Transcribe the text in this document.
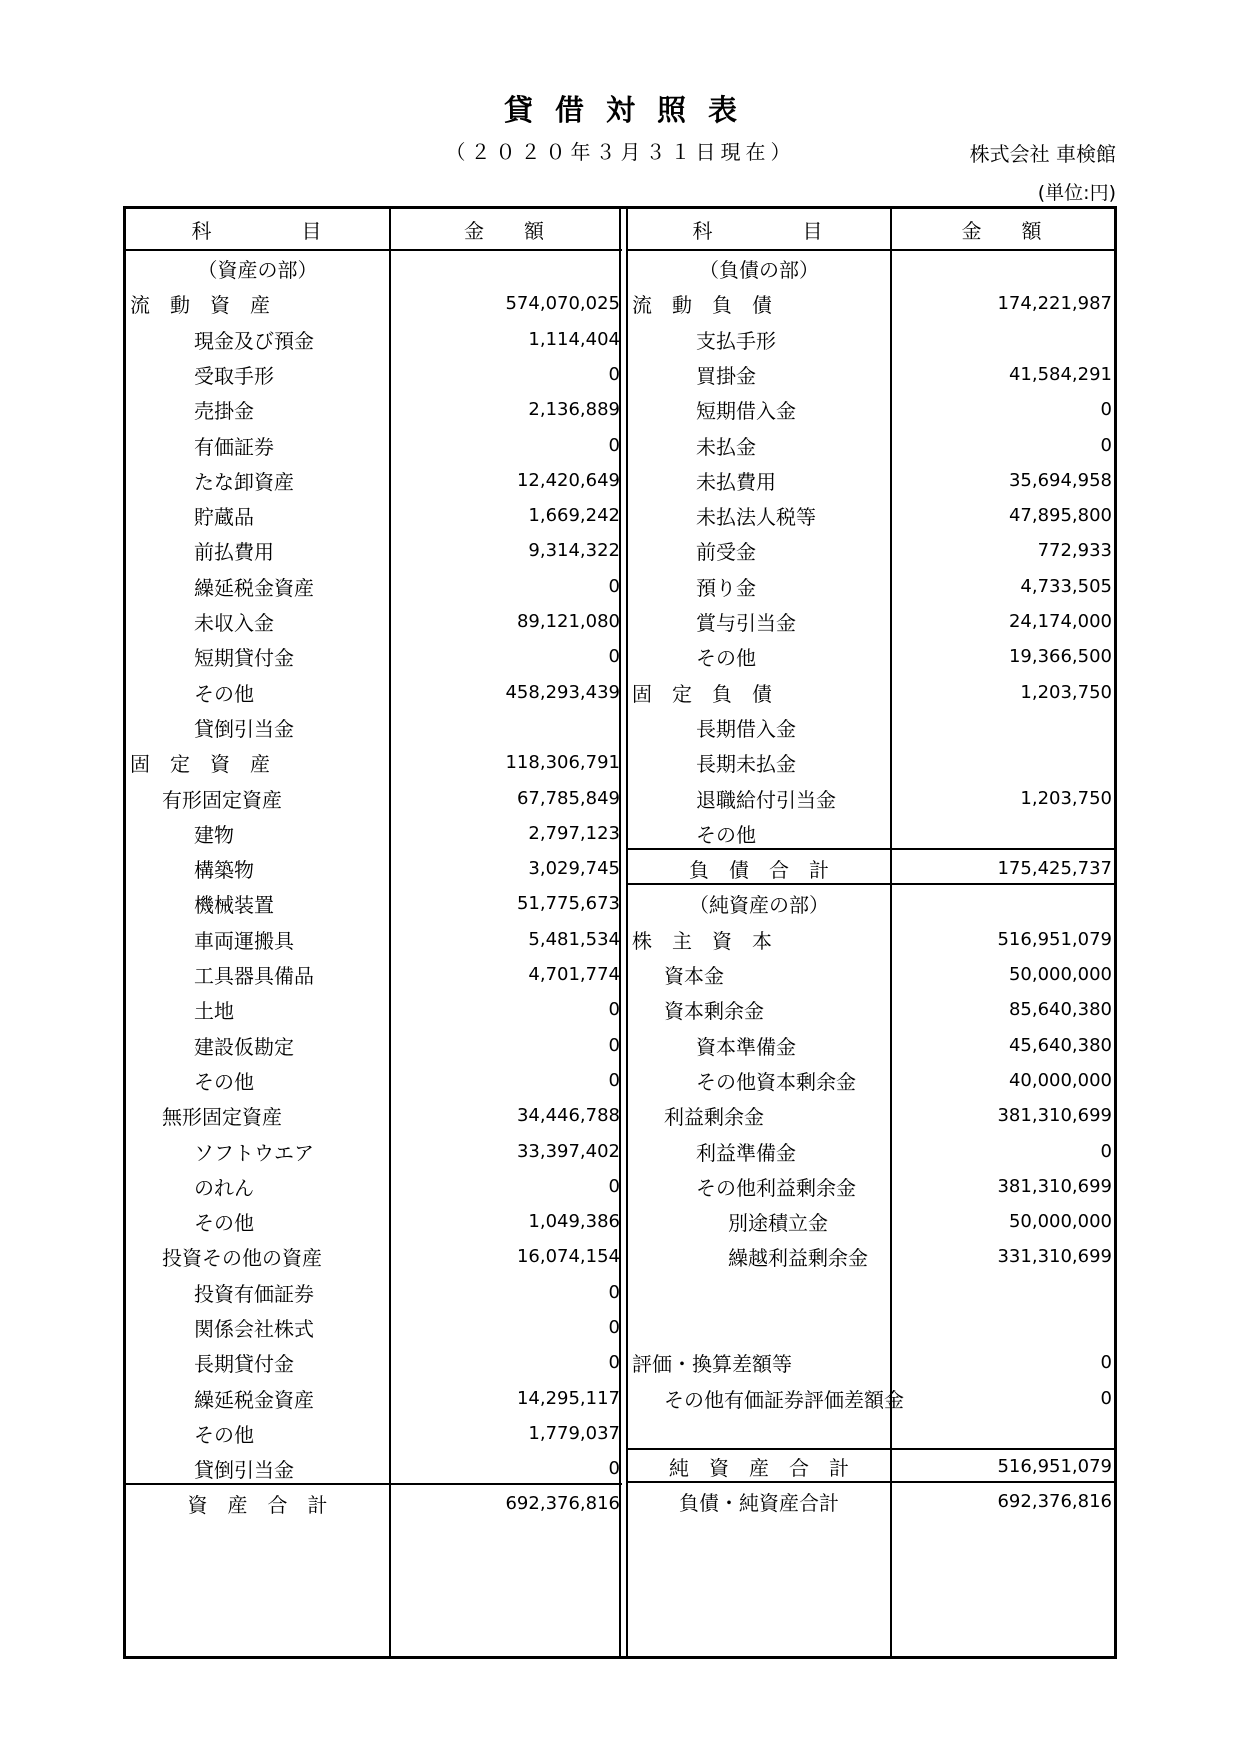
貸借対照表
（２０２０年３月３１日現在）	株式会社 車検館
(単位:円)
科　　　　目	金　　額
（資産の部）
流　動　資　産	574,070,025
現金及び預金	1,114,404
受取手形	0
売掛金	2,136,889
有価証券	0
たな卸資産	12,420,649
貯蔵品	1,669,242
前払費用	9,314,322
繰延税金資産	0
未収入金	89,121,080
短期貸付金	0
その他	458,293,439
貸倒引当金
固　定　資　産	118,306,791
有形固定資産	67,785,849
建物	2,797,123
構築物	3,029,745
機械装置	51,775,673
車両運搬具	5,481,534
工具器具備品	4,701,774
土地	0
建設仮勘定	0
その他	0
無形固定資産	34,446,788
ソフトウエア	33,397,402
のれん	0
その他	1,049,386
投資その他の資産	16,074,154
投資有価証券	0
関係会社株式	0
長期貸付金	0
繰延税金資産	14,295,117
その他	1,779,037
貸倒引当金	0
資　産　合　計	692,376,816
科　　　　目	金　　額
（負債の部）
流　動　負　債	174,221,987
支払手形
買掛金	41,584,291
短期借入金	0
未払金	0
未払費用	35,694,958
未払法人税等	47,895,800
前受金	772,933
預り金	4,733,505
賞与引当金	24,174,000
その他	19,366,500
固　定　負　債	1,203,750
長期借入金
長期未払金
退職給付引当金	1,203,750
その他
負　債　合　計	175,425,737
（純資産の部）
株　主　資　本	516,951,079
資本金	50,000,000
資本剰余金	85,640,380
資本準備金	45,640,380
その他資本剰余金	40,000,000
利益剰余金	381,310,699
利益準備金	0
その他利益剰余金	381,310,699
別途積立金	50,000,000
繰越利益剰余金	331,310,699
評価・換算差額等	0
その他有価証券評価差額金	0
純　資　産　合　計	516,951,079
負債・純資産合計	692,376,816
